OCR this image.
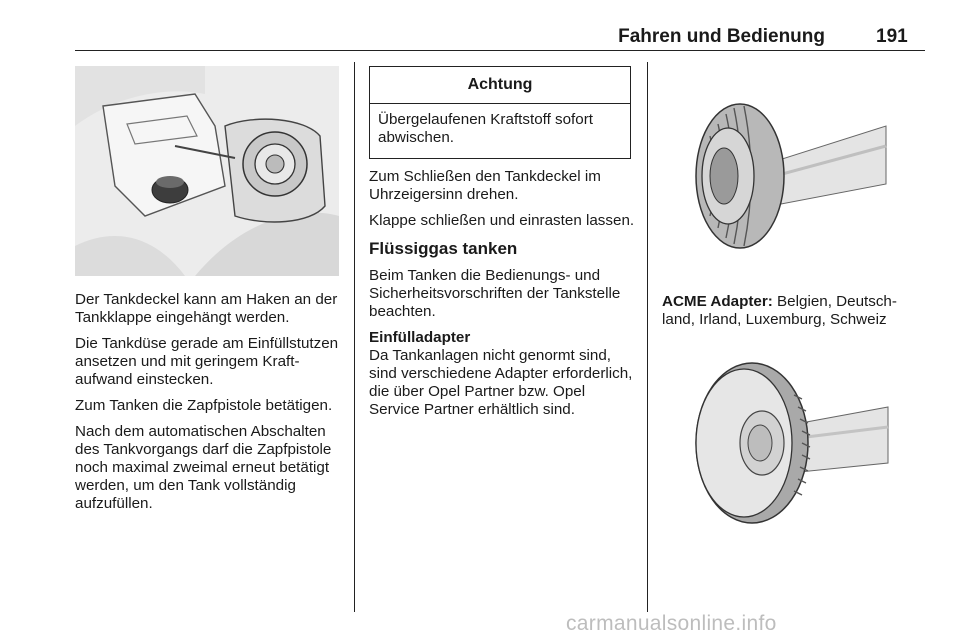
Fahren und Bedienung	191

Der Tankdeckel kann am Haken an der Tankklappe eingehängt werden.

Die Tankdüse gerade am Einfüllstutzen ansetzen und mit geringem Kraftaufwand einstecken.

Zum Tanken die Zapfpistole betätigen.

Nach dem automatischen Abschalten des Tankvorgangs darf die Zapfpistole noch maximal zweimal erneut betätigt werden, um den Tank vollständig aufzufüllen.

Achtung
Übergelaufenen Kraftstoff sofort abwischen.

Zum Schließen den Tankdeckel im Uhrzeigersinn drehen.

Klappe schließen und einrasten lassen.

Flüssiggas tanken

Beim Tanken die Bedienungs- und Sicherheitsvorschriften der Tankstelle beachten.

Einfülladapter

Da Tankanlagen nicht genormt sind, sind verschiedene Adapter erforderlich, die über Opel Partner bzw. Opel Service Partner erhältlich sind.

ACME Adapter: Belgien, Deutschland, Irland, Luxemburg, Schweiz

carmanualsonline.info
